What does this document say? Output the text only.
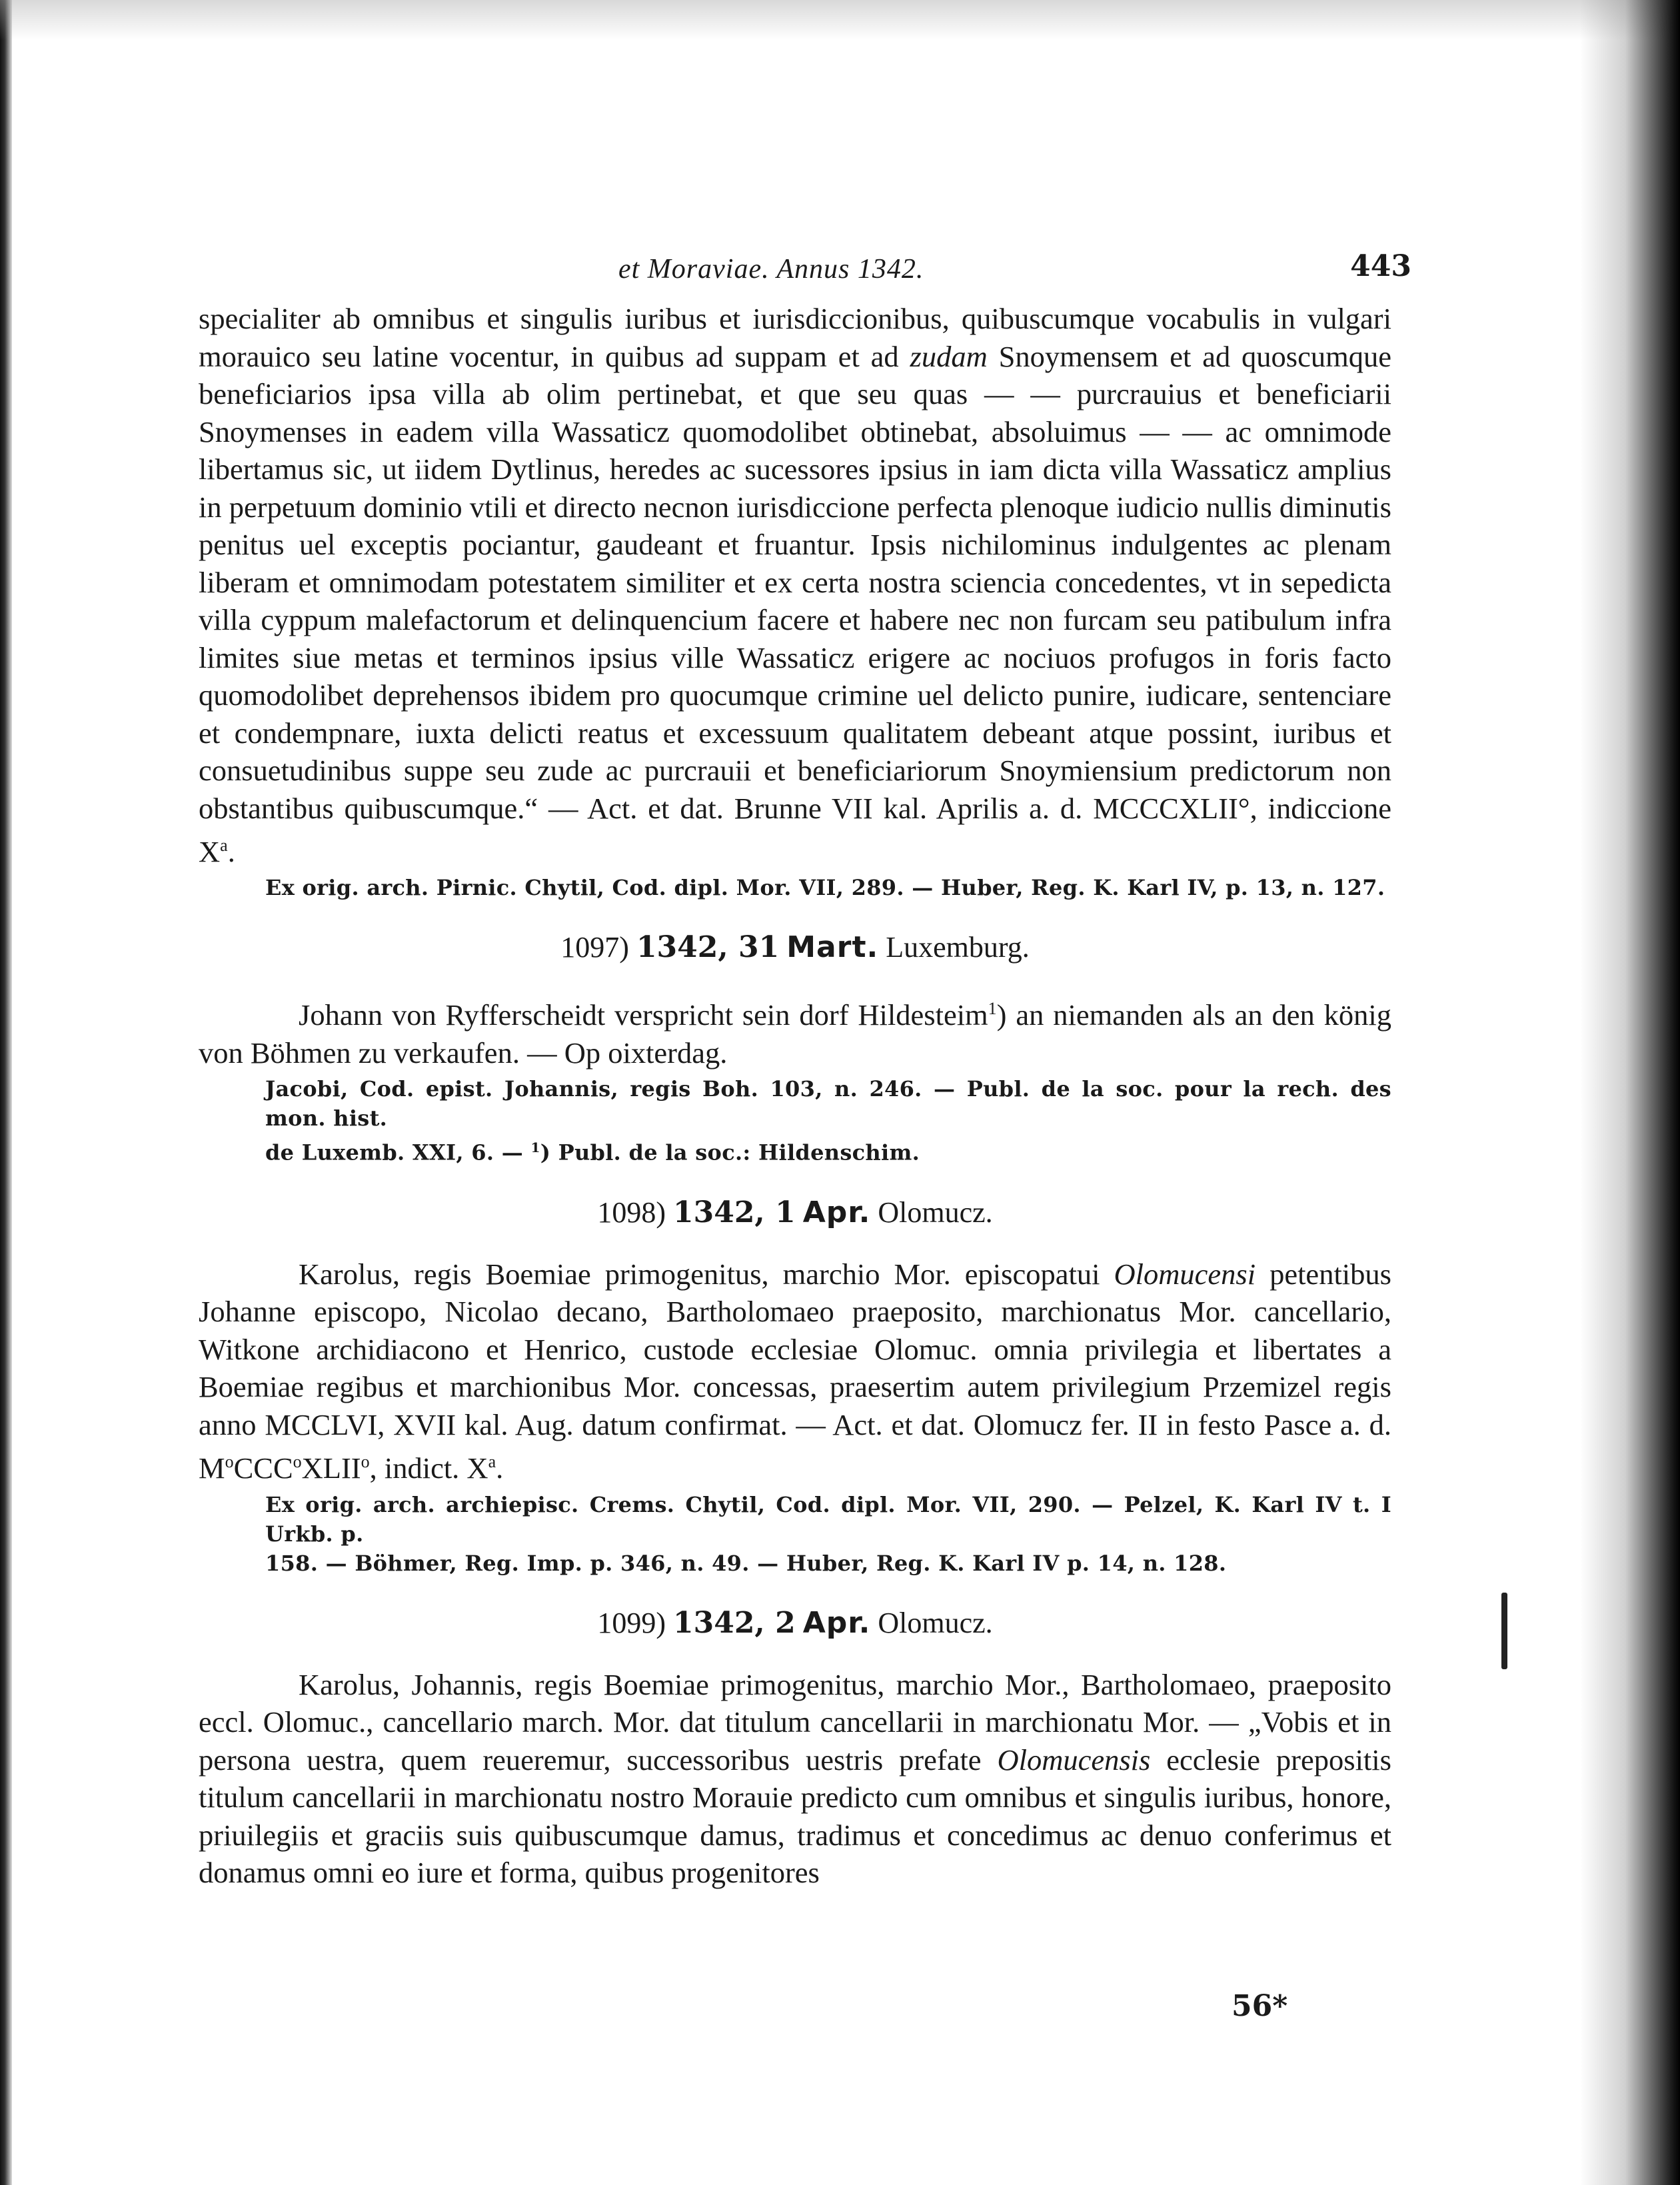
et Moraviae. Annus 1342.	443

specialiter ab omnibus et singulis iuribus et iurisdiccionibus, quibuscumque vocabulis in vulgari morauico seu latine vocentur, in quibus ad suppam et ad zudam Snoymensem et ad quoscumque beneficiarios ipsa villa ab olim pertinebat, et que seu quas — — purcrauius et beneficiarii Snoymenses in eadem villa Wassaticz quomodolibet obtinebat, absoluimus — — ac omnimode libertamus sic, ut iidem Dytlinus, heredes ac sucessores ipsius in iam dicta villa Wassaticz amplius in perpetuum dominio vtili et directo necnon iurisdiccione perfecta plenoque iudicio nullis diminutis penitus uel exceptis pociantur, gaudeant et fruantur. Ipsis nichilominus indulgentes ac plenam liberam et omnimodam potestatem similiter et ex certa nostra sciencia concedentes, vt in sepedicta villa cyppum malefactorum et delinquencium facere et habere nec non furcam seu patibulum infra limites siue metas et terminos ipsius ville Wassaticz erigere ac nociuos profugos in foris facto quomodolibet deprehensos ibidem pro quocumque crimine uel delicto punire, iudicare, sentenciare et condempnare, iuxta delicti reatus et excessuum qualitatem debeant atque possint, iuribus et consuetudinibus suppe seu zude ac purcrauii et beneficiariorum Snoymiensium predictorum non obstantibus quibuscumque.“ — Act. et dat. Brunne VII kal. Aprilis a. d. MCCCXLII°, indiccione $X^a$.

Ex orig. arch. Pirnic. Chytil, Cod. dipl. Mor. VII, 289. — Huber, Reg. K. Karl IV, p. 13, n. 127.

1097) 1342, 31 Mart. Luxemburg.

Johann von Ryfferscheidt verspricht sein dorf Hildesteim$^1$) an niemanden als an den könig von Böhmen zu verkaufen. — Op oixterdag.

Jacobi, Cod. epist. Johannis, regis Boh. 103, n. 246. — Publ. de la soc. pour la rech. des mon. hist.
de Luxemb. XXI, 6. — $^1$) Publ. de la soc.: Hildenschim.

1098) 1342, 1 Apr. Olomucz.

Karolus, regis Boemiae primogenitus, marchio Mor. episcopatui Olomucensi petentibus Johanne episcopo, Nicolao decano, Bartholomaeo praeposito, marchionatus Mor. cancellario, Witkone archidiacono et Henrico, custode ecclesiae Olomuc. omnia privilegia et libertates a Boemiae regibus et marchionibus Mor. concessas, praesertim autem privilegium Przemizel regis anno MCCLVI, XVII kal. Aug. datum confirmat. — Act. et dat. Olomucz fer. II in festo Pasce a. d. $M^oCCC^oXLII^o$, indict. $X^a$.

Ex orig. arch. archiepisc. Crems. Chytil, Cod. dipl. Mor. VII, 290. — Pelzel, K. Karl IV t. I Urkb. p.
158. — Böhmer, Reg. Imp. p. 346, n. 49. — Huber, Reg. K. Karl IV p. 14, n. 128.

1099) 1342, 2 Apr. Olomucz.

Karolus, Johannis, regis Boemiae primogenitus, marchio Mor., Bartholomaeo, praeposito eccl. Olomuc., cancellario march. Mor. dat titulum cancellarii in marchionatu Mor. — „Vobis et in persona uestra, quem reueremur, successoribus uestris prefate Olomucensis ecclesie prepositis titulum cancellarii in marchionatu nostro Morauie predicto cum omnibus et singulis iuribus, honore, priuilegiis et graciis suis quibuscumque damus, tradimus et concedimus ac denuo conferimus et donamus omni eo iure et forma, quibus progenitores

56*
